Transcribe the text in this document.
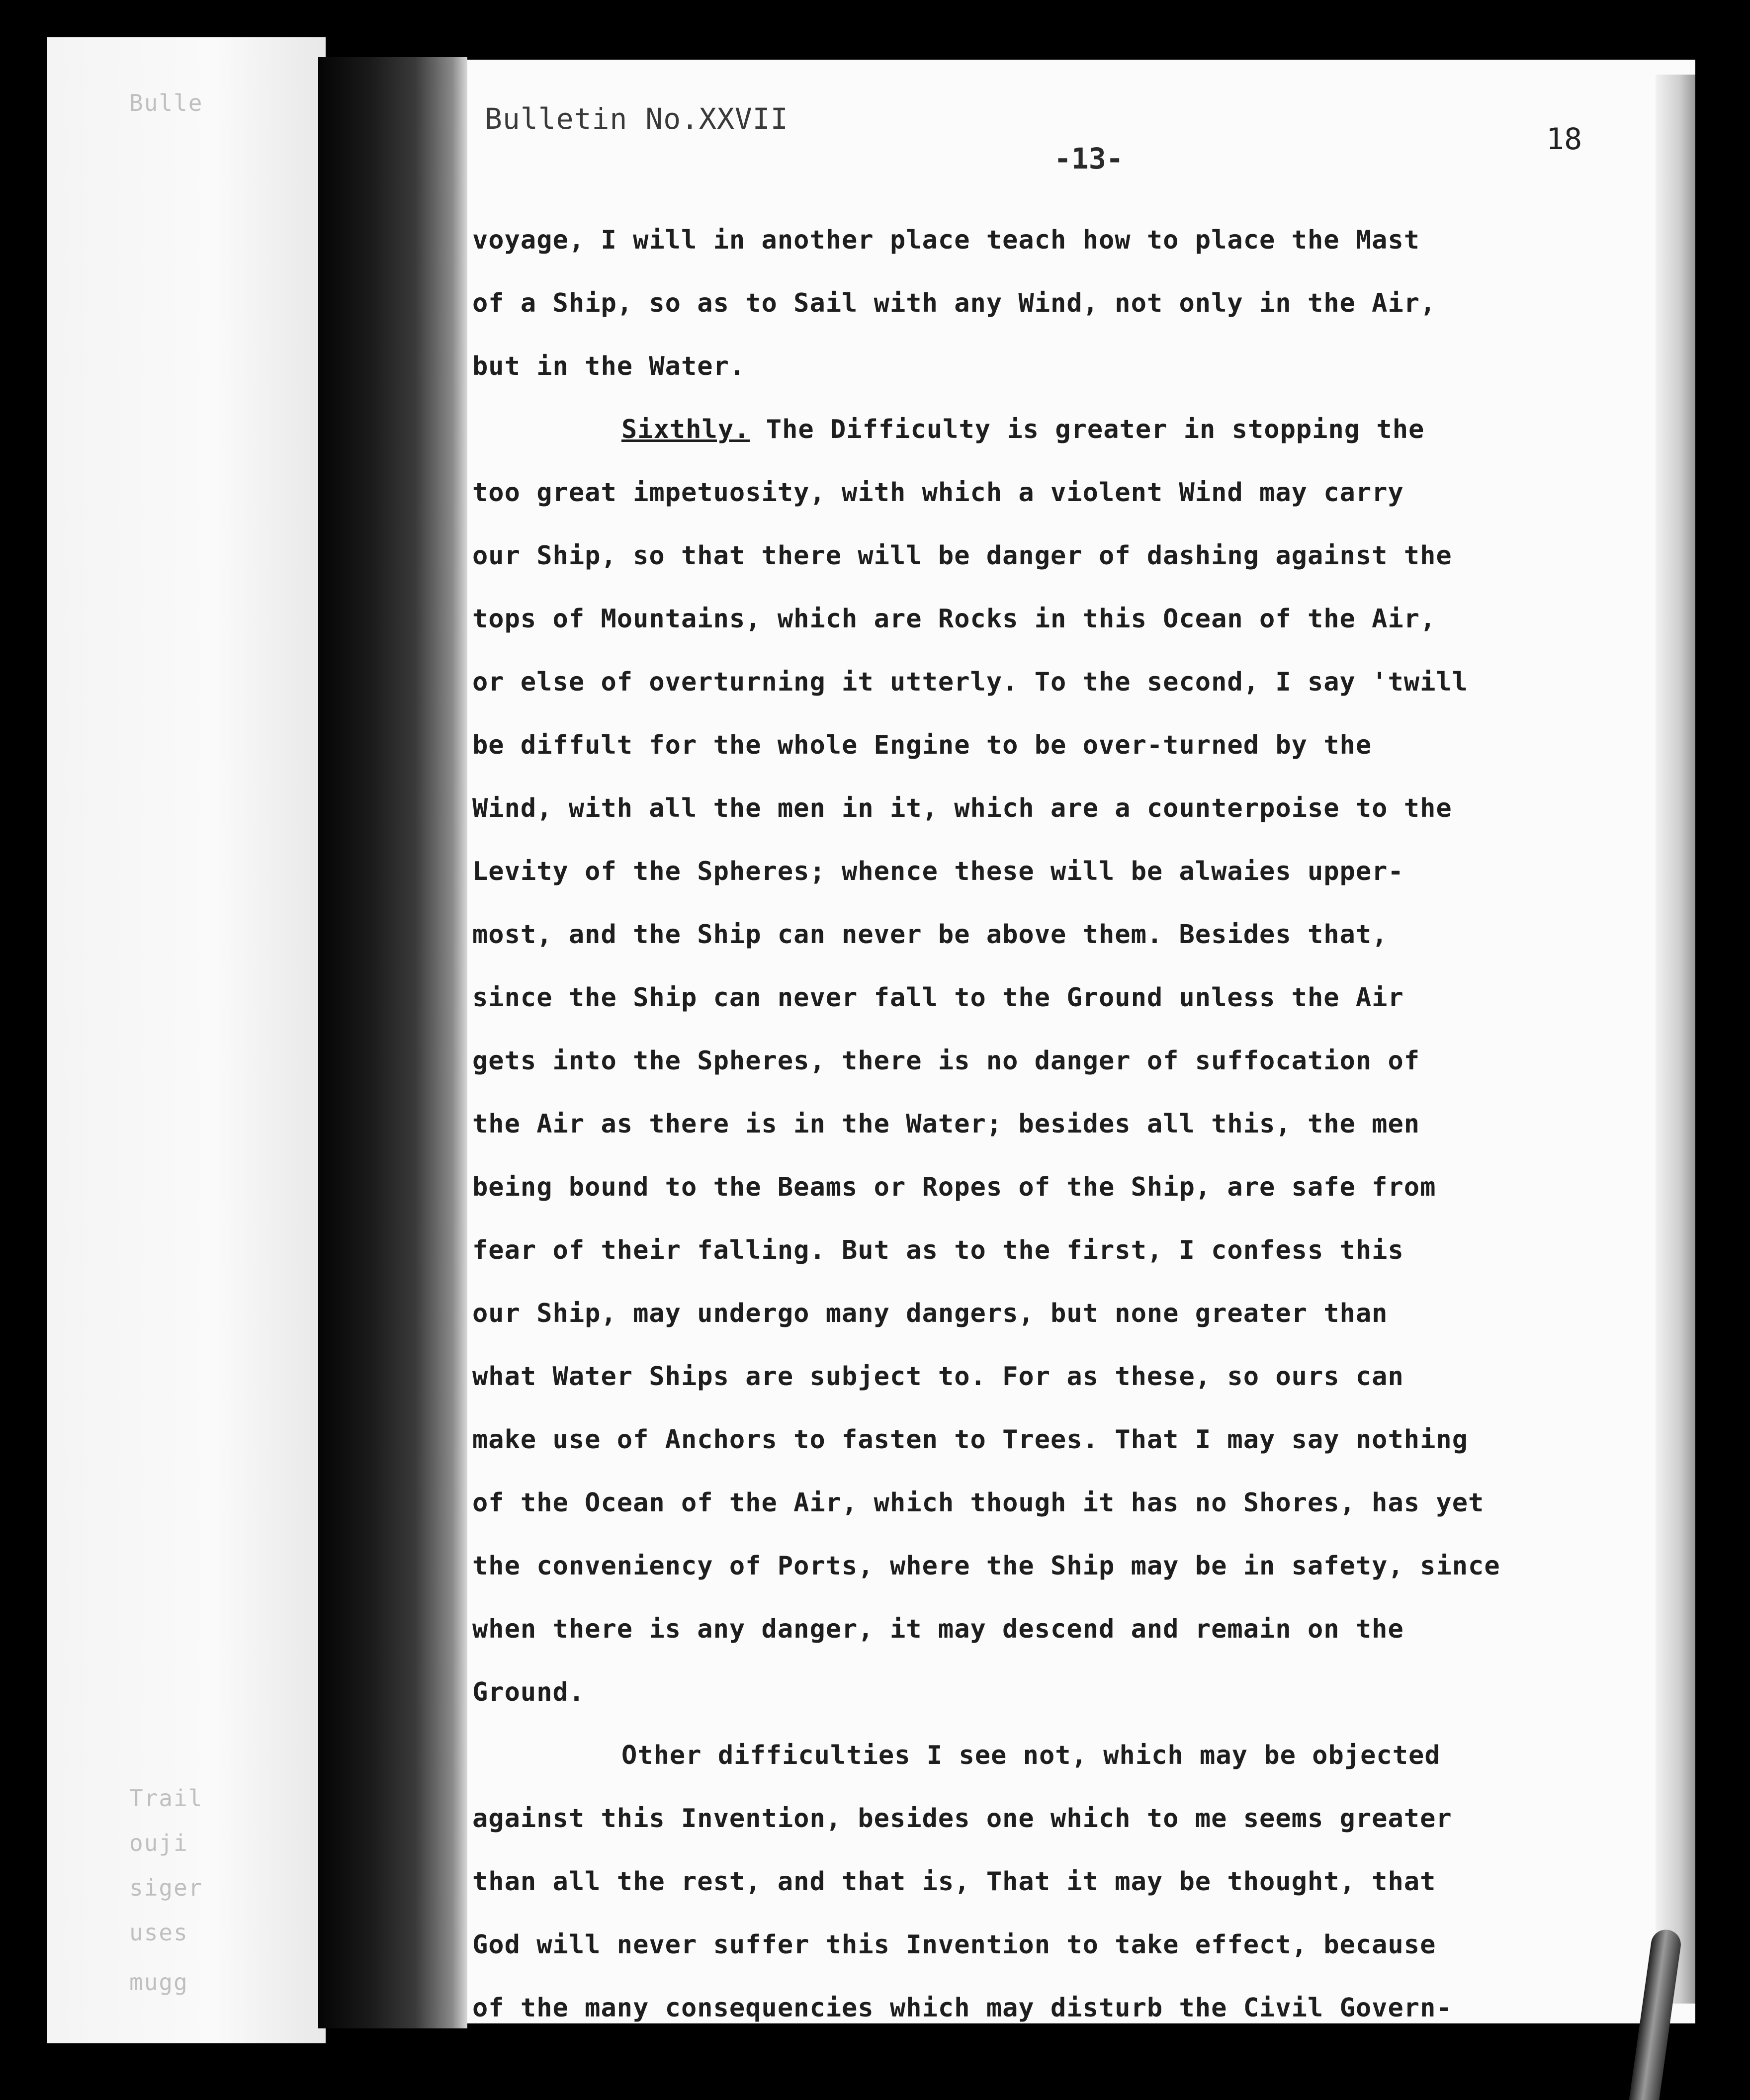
Bulle
Trail
ouji
siger
uses
mugg
Bulletin No.XXVII
-13-
18
voyage, I will in another place teach how to place the Mast
of a Ship, so as to Sail with any Wind, not only in the Air,
but in the Water.
Sixthly. The Difficulty is greater in stopping the
too great impetuosity, with which a violent Wind may carry
our Ship, so that there will be danger of dashing against the
tops of Mountains, which are Rocks in this Ocean of the Air,
or else of overturning it utterly. To the second, I say 'twill
be diffult for the whole Engine to be over-turned by the
Wind, with all the men in it, which are a counterpoise to the
Levity of the Spheres; whence these will be alwaies upper-
most, and the Ship can never be above them. Besides that,
since the Ship can never fall to the Ground unless the Air
gets into the Spheres, there is no danger of suffocation of
the Air as there is in the Water; besides all this, the men
being bound to the Beams or Ropes of the Ship, are safe from
fear of their falling. But as to the first, I confess this
our Ship, may undergo many dangers, but none greater than
what Water Ships are subject to. For as these, so ours can
make use of Anchors to fasten to Trees. That I may say nothing
of the Ocean of the Air, which though it has no Shores, has yet
the conveniency of Ports, where the Ship may be in safety, since
when there is any danger, it may descend and remain on the
Ground.
Other difficulties I see not, which may be objected
against this Invention, besides one which to me seems greater
than all the rest, and that is, That it may be thought, that
God will never suffer this Invention to take effect, because
of the many consequencies which may disturb the Civil Govern-
